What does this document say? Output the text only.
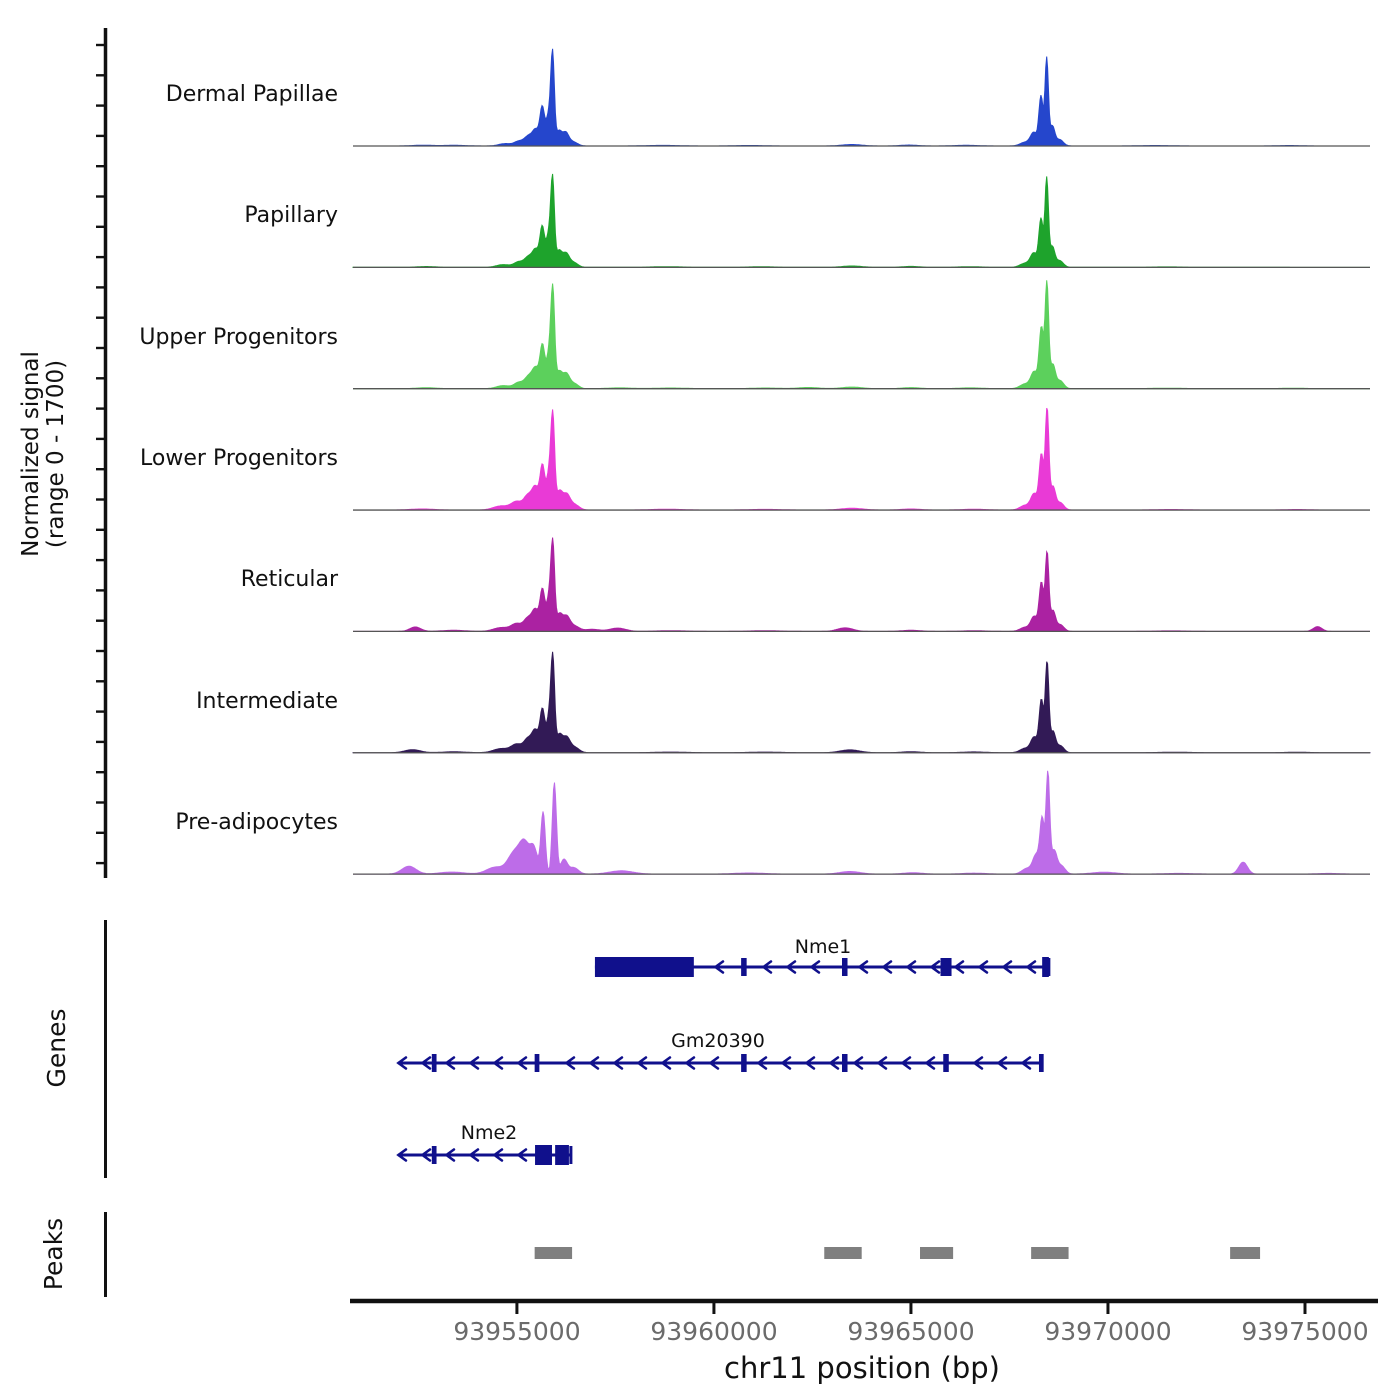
Dermal Papillae
Papillary
Upper Progenitors
Lower Progenitors
Reticular
Intermediate
Pre-adipocytes
Normalized signal (range 0 - 1700)
Genes
Peaks
Nme1
Gm20390
Nme2
93955000	93960000	93965000	93970000	93975000
chr11 position (bp)
